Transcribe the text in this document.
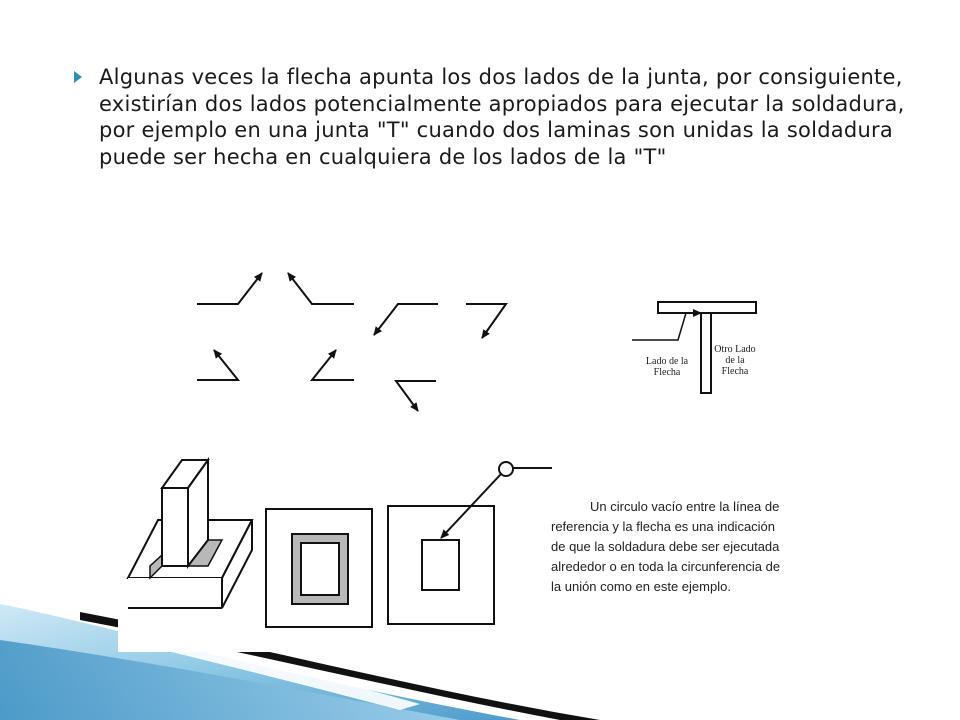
Algunas veces la flecha apunta los dos lados de la junta, por consiguiente, existirían dos lados potencialmente apropiados para ejecutar la soldadura, por ejemplo en una junta "T" cuando dos laminas son unidas la soldadura puede ser hecha en cualquiera de los lados de la "T"

Lado de la
Flecha
Otro Lado
de la
Flecha
Un circulo vacío entre la línea de
referencia y la flecha es una indicación
de que la soldadura debe ser ejecutada
alrededor o en toda la circunferencia de
la unión como en este ejemplo.
